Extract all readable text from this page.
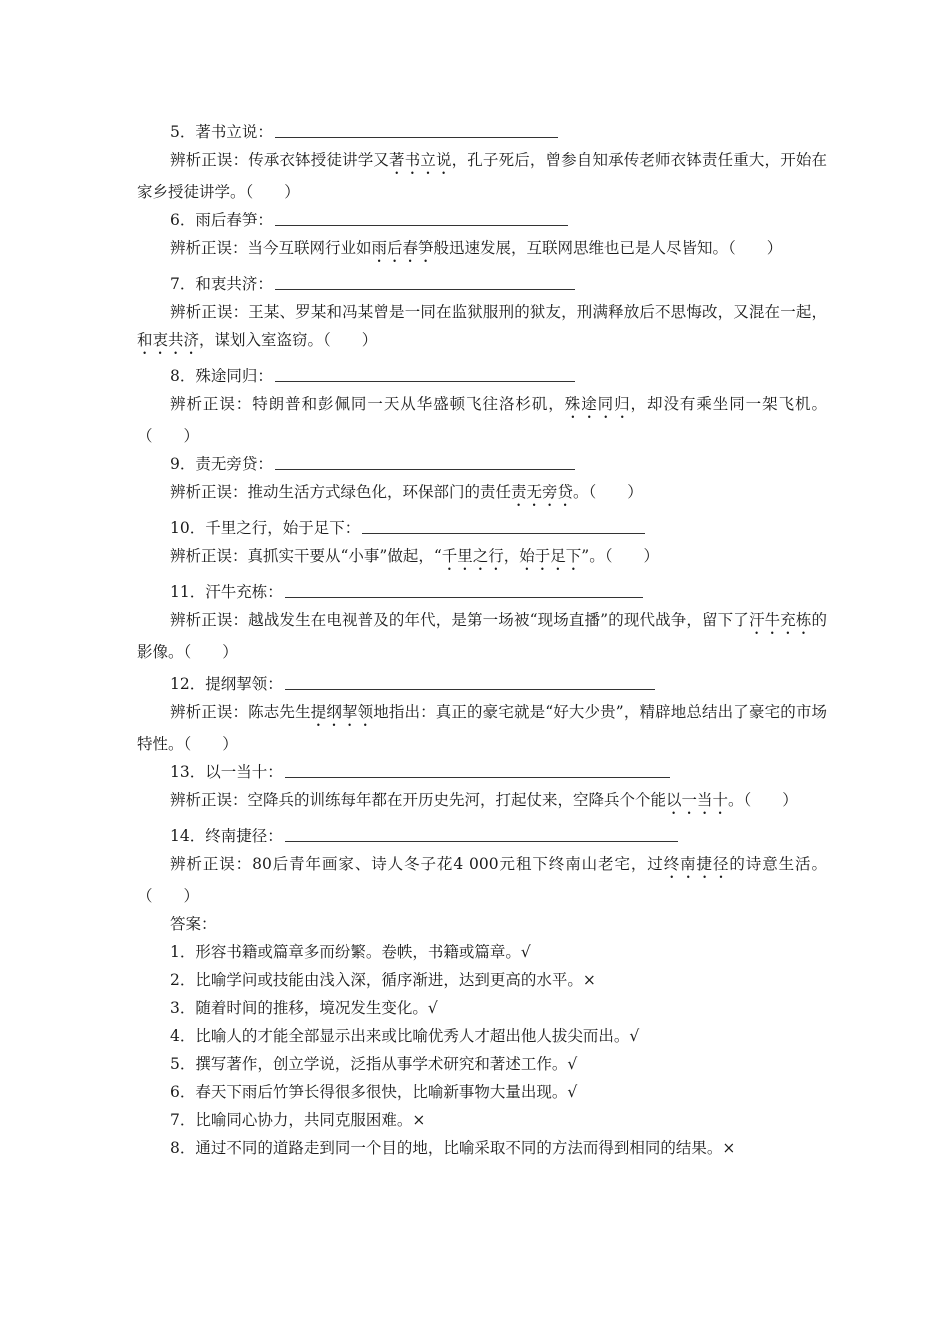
5． 著书立说：

辨析正误：传承衣钵授徒讲学又著书立说，孔子死后，曾参自知承传老师衣钵责任重大，开始在家乡授徒讲学。（　　）

6． 雨后春笋：

辨析正误：当今互联网行业如雨后春笋般迅速发展，互联网思维也已是人尽皆知。（　　）

7． 和衷共济：

辨析正误：王某、罗某和冯某曾是一同在监狱服刑的狱友，刑满释放后不思悔改，又混在一起，和衷共济，谋划入室盗窃。（　　）

8． 殊途同归：

辨析正误：特朗普和彭佩同一天从华盛顿飞往洛杉矶，殊途同归，却没有乘坐同一架飞机。（　　）

9． 责无旁贷：

辨析正误：推动生活方式绿色化，环保部门的责任责无旁贷。（　　）

10． 千里之行，始于足下：

辨析正误：真抓实干要从“小事”做起，“千里之行，始于足下”。（　　）

11． 汗牛充栋：

辨析正误：越战发生在电视普及的年代，是第一场被“现场直播”的现代战争，留下了汗牛充栋的影像。（　　）

12． 提纲挈领：

辨析正误：陈志先生提纲挈领地指出：真正的豪宅就是“好大少贵”，精辟地总结出了豪宅的市场特性。（　　）

13． 以一当十：

辨析正误：空降兵的训练每年都在开历史先河，打起仗来，空降兵个个能以一当十。（　　）

14． 终南捷径：

辨析正误：80后青年画家、诗人冬子花4 000元租下终南山老宅，过终南捷径的诗意生活。（　　）

答案：
1．形容书籍或篇章多而纷繁。卷帙，书籍或篇章。√
2．比喻学问或技能由浅入深，循序渐进，达到更高的水平。×
3．随着时间的推移，境况发生变化。√
4．比喻人的才能全部显示出来或比喻优秀人才超出他人拔尖而出。√
5．撰写著作，创立学说，泛指从事学术研究和著述工作。√
6．春天下雨后竹笋长得很多很快，比喻新事物大量出现。√
7．比喻同心协力，共同克服困难。×
8．通过不同的道路走到同一个目的地，比喻采取不同的方法而得到相同的结果。×
